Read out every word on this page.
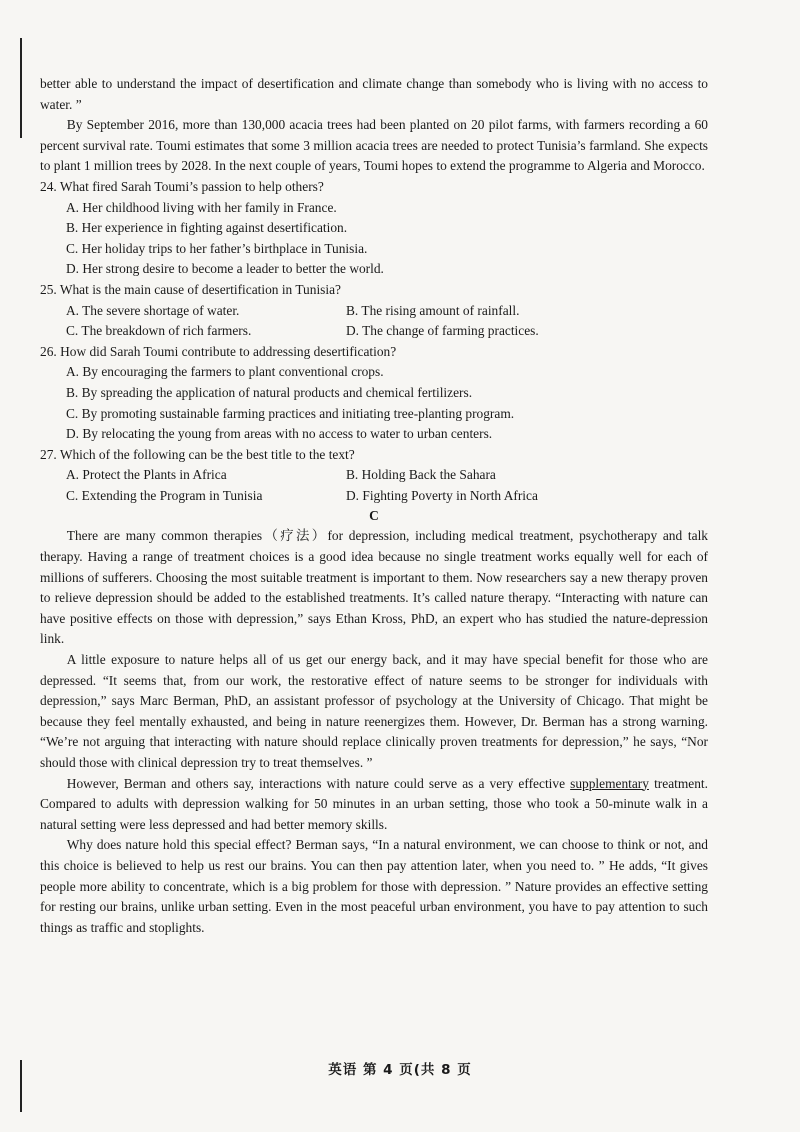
better able to understand the impact of desertification and climate change than somebody who is living with no access to water. ”

By September 2016, more than 130,000 acacia trees had been planted on 20 pilot farms, with farmers recording a 60 percent survival rate. Toumi estimates that some 3 million acacia trees are needed to protect Tunisia’s farmland. She expects to plant 1 million trees by 2028. In the next couple of years, Toumi hopes to extend the programme to Algeria and Morocco.

24. What fired Sarah Toumi’s passion to help others?

A. Her childhood living with her family in France.

B. Her experience in fighting against desertification.

C. Her holiday trips to her father’s birthplace in Tunisia.

D. Her strong desire to become a leader to better the world.

25. What is the main cause of desertification in Tunisia?

A. The severe shortage of water.	B. The rising amount of rainfall.
C. The breakdown of rich farmers.	D. The change of farming practices.

26. How did Sarah Toumi contribute to addressing desertification?

A. By encouraging the farmers to plant conventional crops.

B. By spreading the application of natural products and chemical fertilizers.

C. By promoting sustainable farming practices and initiating tree-planting program.

D. By relocating the young from areas with no access to water to urban centers.

27. Which of the following can be the best title to the text?

A. Protect the Plants in Africa	B. Holding Back the Sahara
C. Extending the Program in Tunisia	D. Fighting Poverty in North Africa

C

There are many common therapies（疗法）for depression, including medical treatment, psychotherapy and talk therapy. Having a range of treatment choices is a good idea because no single treatment works equally well for each of millions of sufferers. Choosing the most suitable treatment is important to them. Now researchers say a new therapy proven to relieve depression should be added to the established treatments. It’s called nature therapy. “Interacting with nature can have positive effects on those with depression,” says Ethan Kross, PhD, an expert who has studied the nature-depression link.

A little exposure to nature helps all of us get our energy back, and it may have special benefit for those who are depressed. “It seems that, from our work, the restorative effect of nature seems to be stronger for individuals with depression,” says Marc Berman, PhD, an assistant professor of psychology at the University of Chicago. That might be because they feel mentally exhausted, and being in nature reenergizes them. However, Dr. Berman has a strong warning. “We’re not arguing that interacting with nature should replace clinically proven treatments for depression,” he says, “Nor should those with clinical depression try to treat themselves. ”

However, Berman and others say, interactions with nature could serve as a very effective supplementary treatment. Compared to adults with depression walking for 50 minutes in an urban setting, those who took a 50-minute walk in a natural setting were less depressed and had better memory skills.

Why does nature hold this special effect? Berman says, “In a natural environment, we can choose to think or not, and this choice is believed to help us rest our brains. You can then pay attention later, when you need to. ” He adds, “It gives people more ability to concentrate, which is a big problem for those with depression. ” Nature provides an effective setting for resting our brains, unlike urban setting. Even in the most peaceful urban environment, you have to pay attention to such things as traffic and stoplights.

英语 第 4 页(共 8 页
